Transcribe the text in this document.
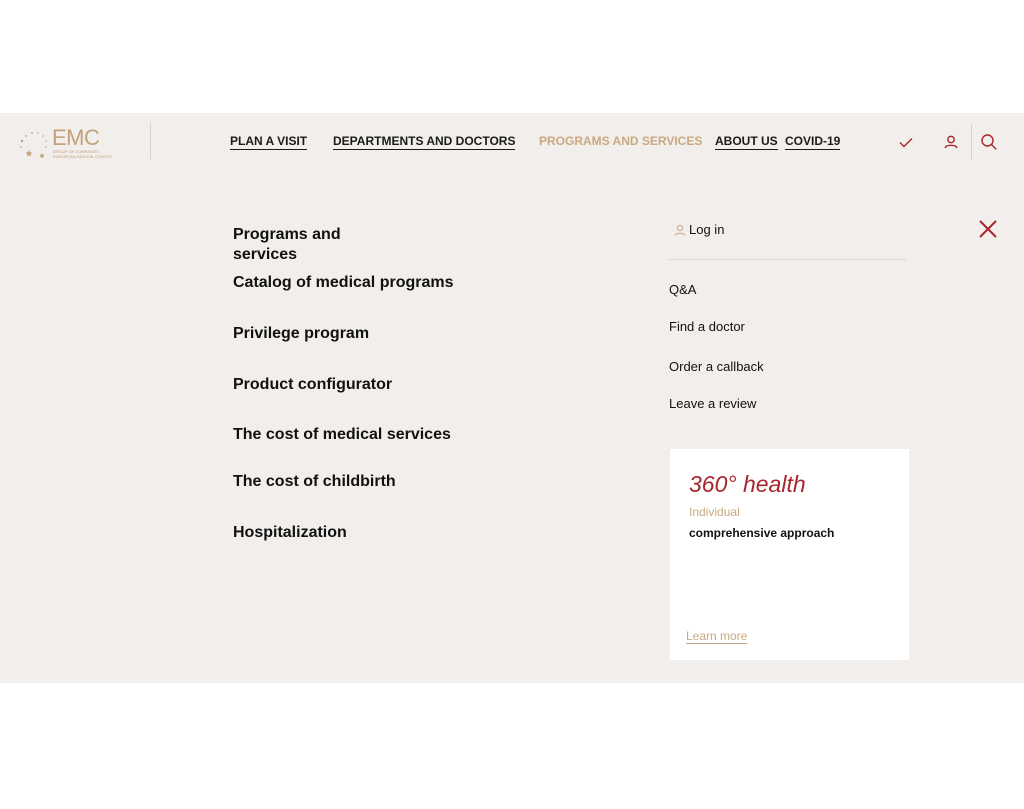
EMC
GROUP OF COMPANIES
EUROPEAN MEDICAL CENTER
PLAN A VISIT DEPARTMENTS AND DOCTORS PROGRAMS AND SERVICES ABOUT US COVID-19
Programs and services
Catalog of medical programs
Privilege program
Product configurator
The cost of medical services
The cost of childbirth
Hospitalization
Log in
Q&A
Find a doctor
Order a callback
Leave a review
360° health
Individual
comprehensive approach
Learn more
